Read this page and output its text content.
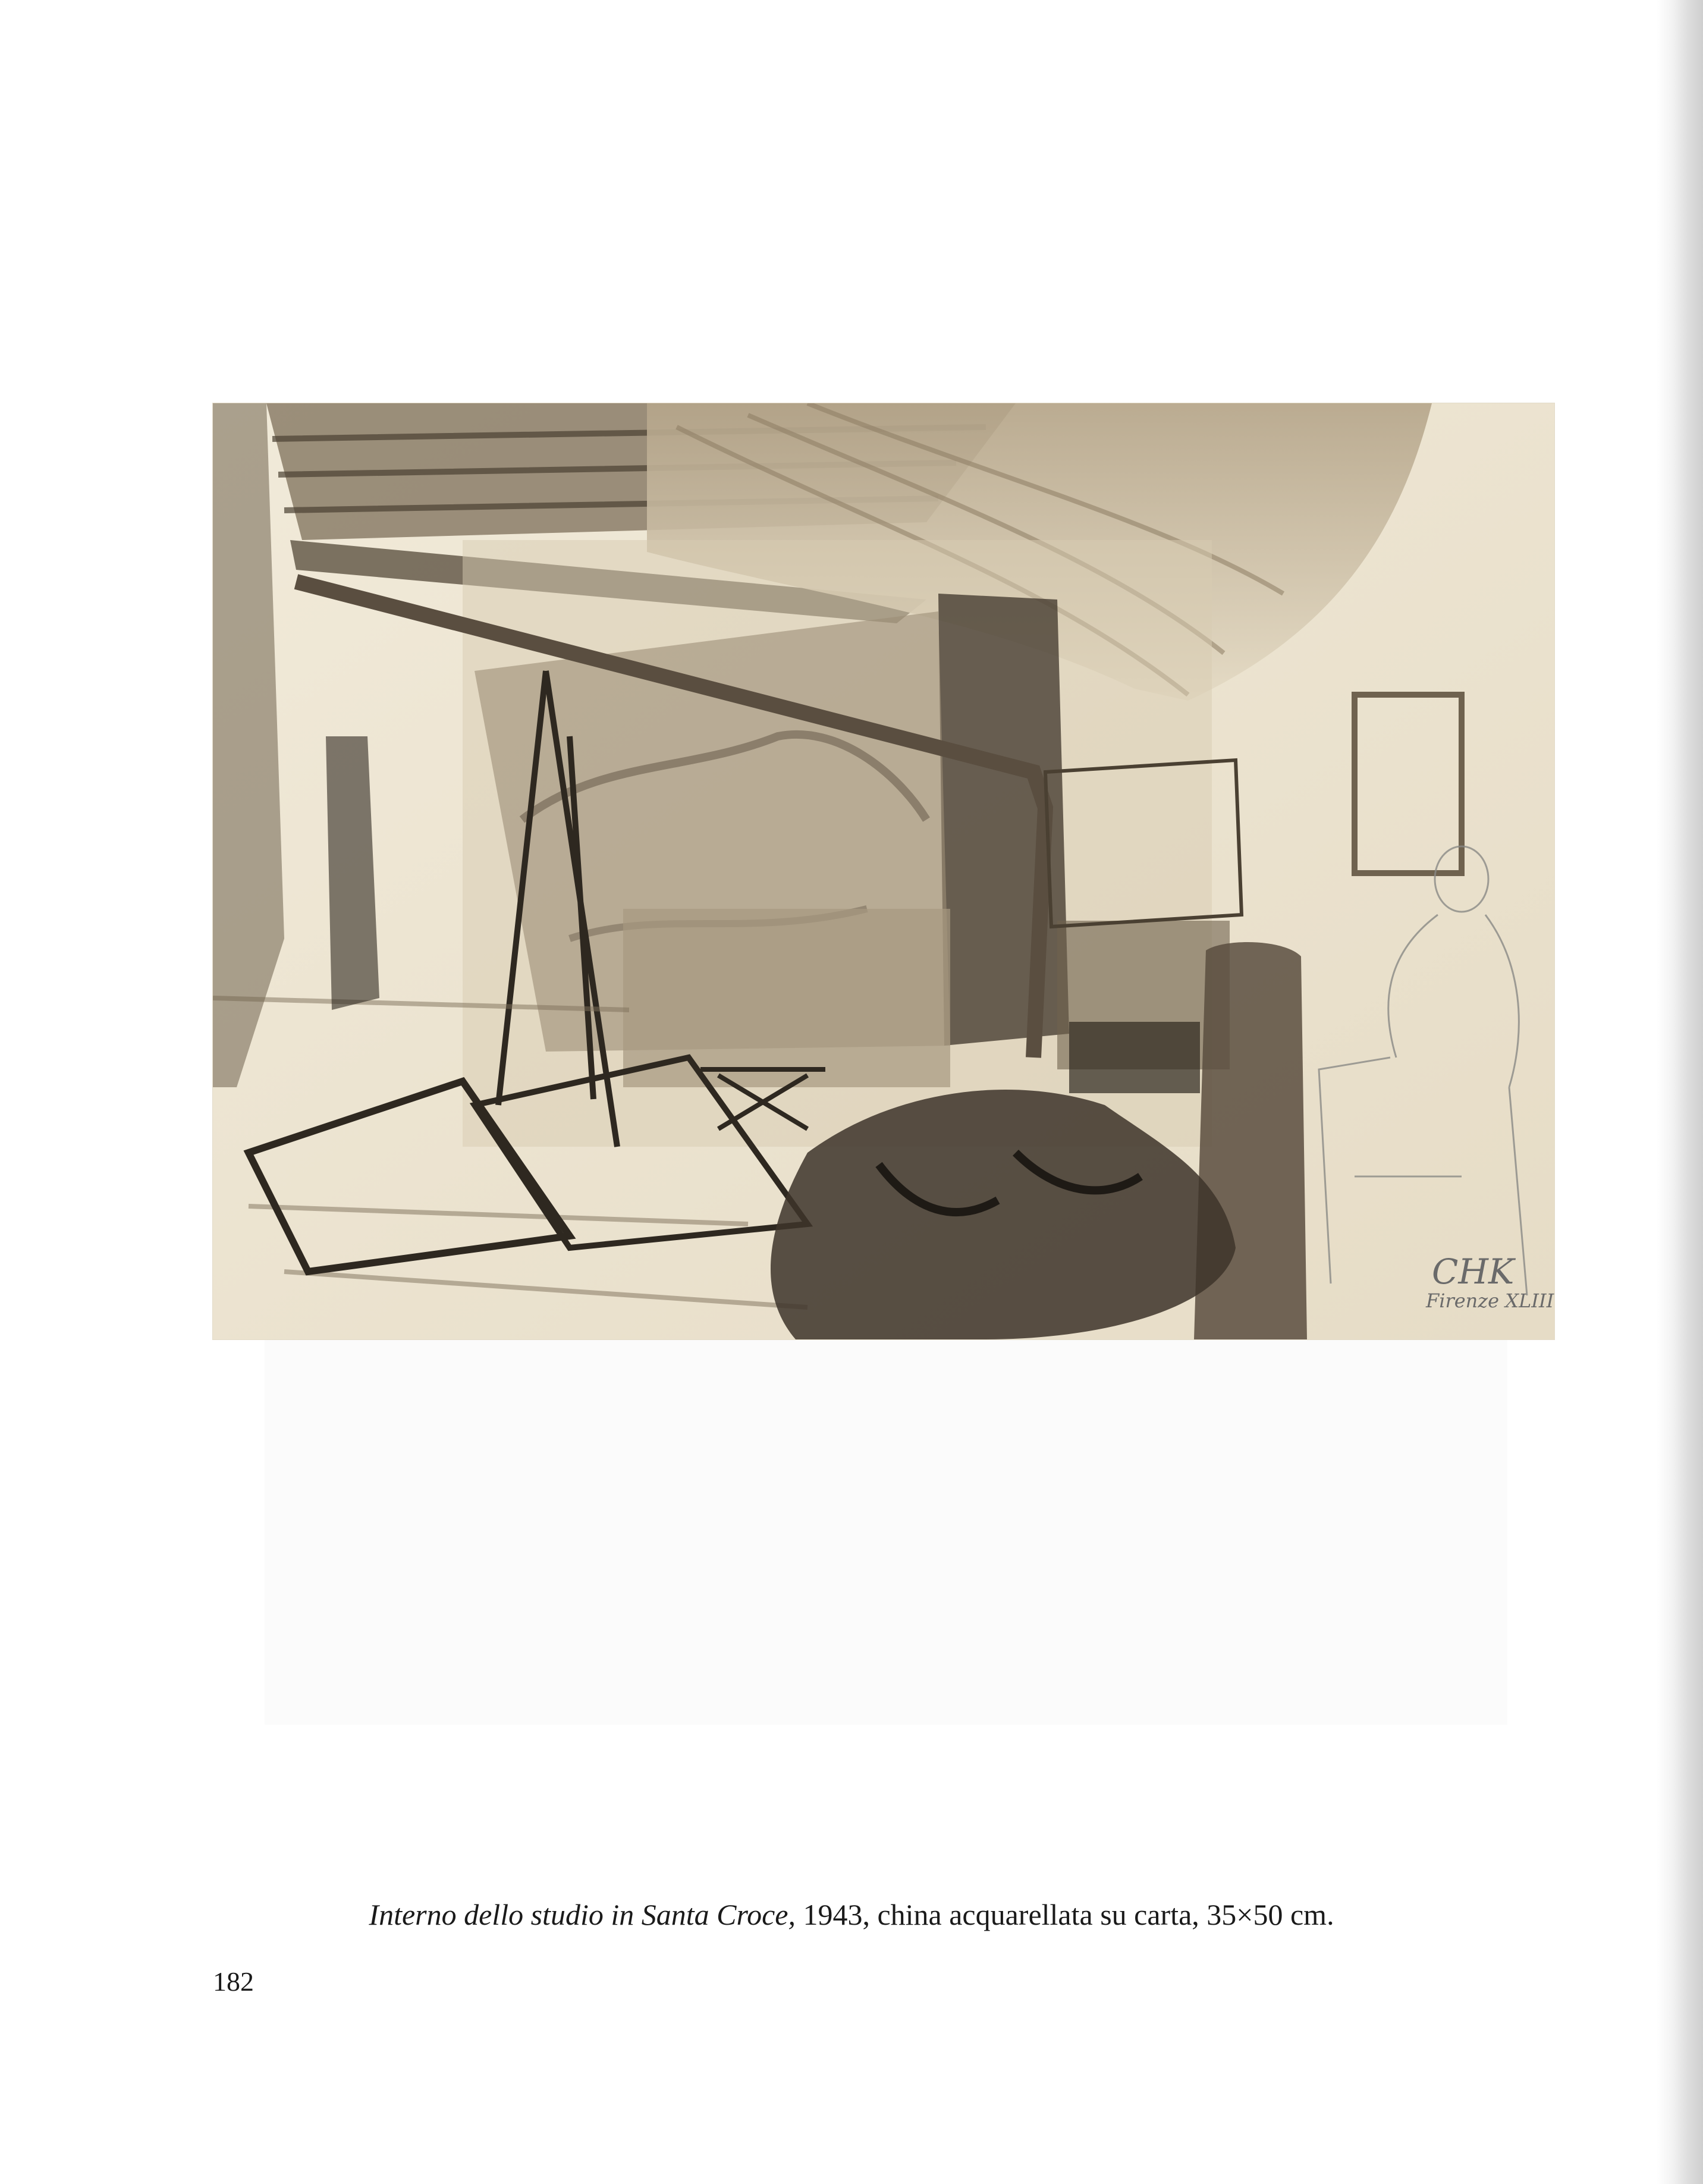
CHK
Firenze XLIII
Interno dello studio in Santa Croce, 1943, china acquarellata su carta, 35×50 cm.
182
